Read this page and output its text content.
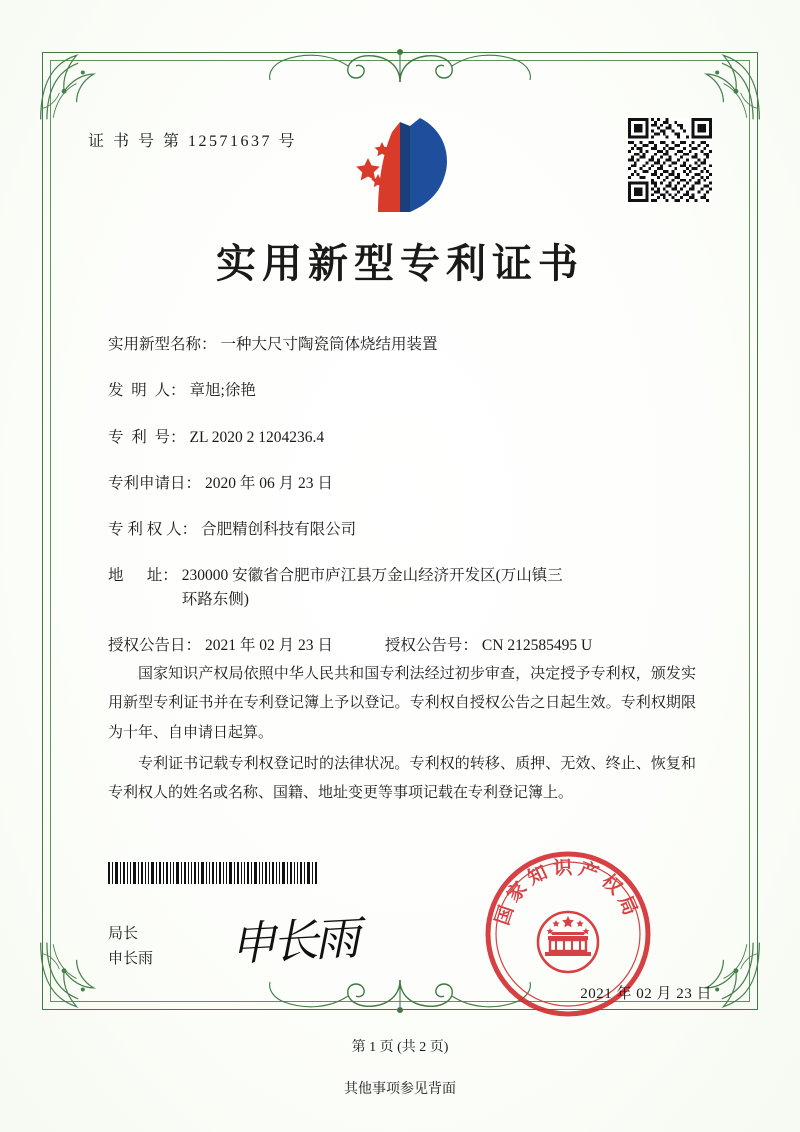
证 书 号 第 12571637 号
实用新型专利证书
实用新型名称： 一种大尺寸陶瓷筒体烧结用装置
发  明  人： 章旭;徐艳
专  利  号： ZL 2020 2 1204236.4
专利申请日： 2020 年 06 月 23 日
专 利 权 人： 合肥精创科技有限公司
地      址： 230000 安徽省合肥市庐江县万金山经济开发区(万山镇三
环路东侧)
授权公告日： 2021 年 02 月 23 日	授权公告号： CN 212585495 U

国家知识产权局依照中华人民共和国专利法经过初步审查，决定授予专利权，颁发实用新型专利证书并在专利登记簿上予以登记。专利权自授权公告之日起生效。专利权期限为十年、自申请日起算。

专利证书记载专利权登记时的法律状况。专利权的转移、质押、无效、终止、恢复和专利权人的姓名或名称、国籍、地址变更等事项记载在专利登记簿上。

局长
申长雨 申长雨	国家知识产权局
2021 年 02 月 23 日
第 1 页 (共 2 页)
其他事项参见背面
